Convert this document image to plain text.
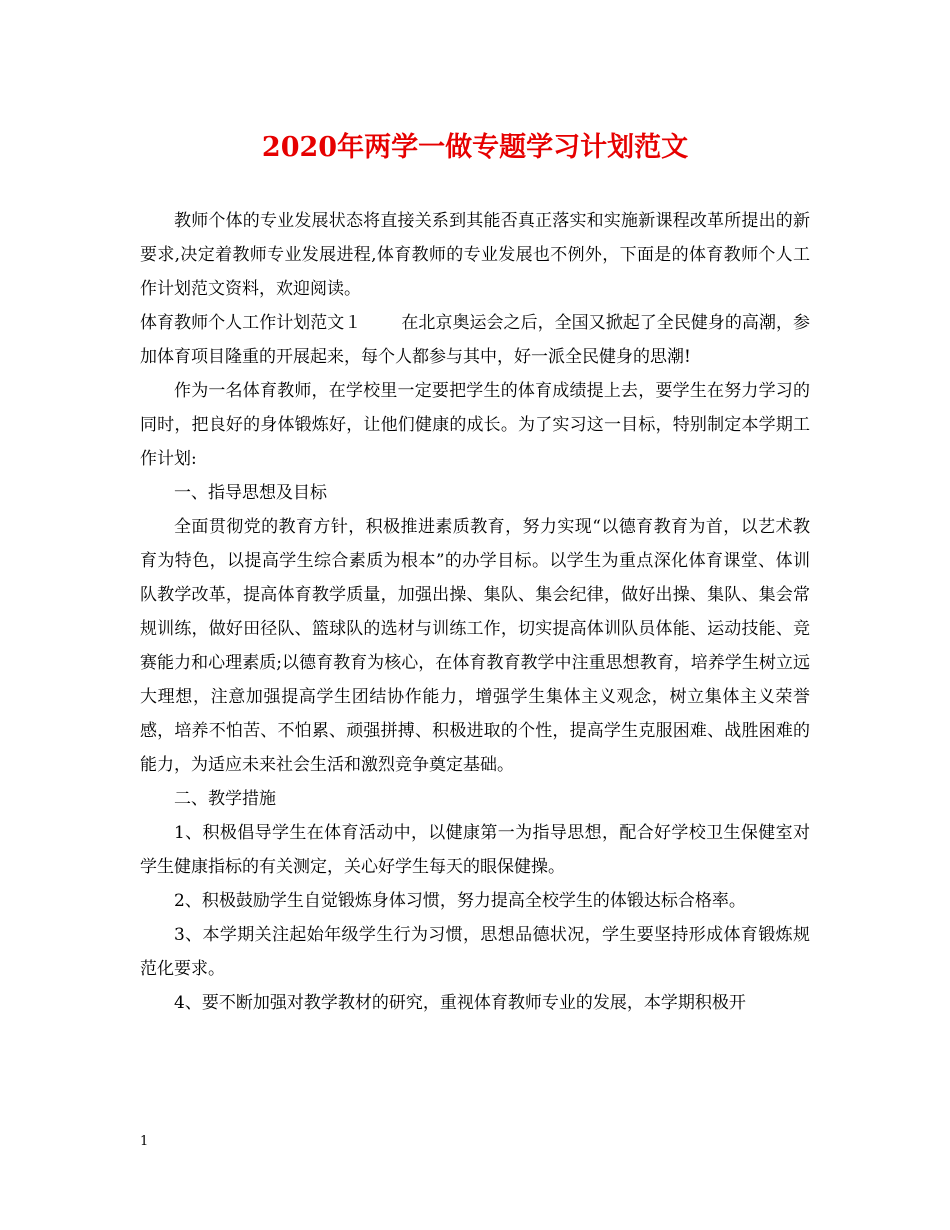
2020年两学一做专题学习计划范文

教师个体的专业发展状态将直接关系到其能否真正落实和实施新课程改革所提出的新要求,决定着教师专业发展进程,体育教师的专业发展也不例外，下面是的体育教师个人工作计划范文资料，欢迎阅读。

体育教师个人工作计划范文１ 在北京奥运会之后，全国又掀起了全民健身的高潮，参加体育项目隆重的开展起来，每个人都参与其中，好一派全民健身的思潮!

作为一名体育教师，在学校里一定要把学生的体育成绩提上去，要学生在努力学习的同时，把良好的身体锻炼好，让他们健康的成长。为了实习这一目标，特别制定本学期工作计划:

一、指导思想及目标

全面贯彻党的教育方针，积极推进素质教育，努力实现“以德育教育为首，以艺术教育为特色，以提高学生综合素质为根本”的办学目标。以学生为重点深化体育课堂、体训队教学改革，提高体育教学质量，加强出操、集队、集会纪律，做好出操、集队、集会常规训练，做好田径队、篮球队的选材与训练工作，切实提高体训队员体能、运动技能、竞赛能力和心理素质;以德育教育为核心，在体育教育教学中注重思想教育，培养学生树立远大理想，注意加强提高学生团结协作能力，增强学生集体主义观念，树立集体主义荣誉感，培养不怕苦、不怕累、顽强拼搏、积极进取的个性，提高学生克服困难、战胜困难的能力，为适应未来社会生活和激烈竞争奠定基础。

二、教学措施

1、积极倡导学生在体育活动中，以健康第一为指导思想，配合好学校卫生保健室对学生健康指标的有关测定，关心好学生每天的眼保健操。

2、积极鼓励学生自觉锻炼身体习惯，努力提高全校学生的体锻达标合格率。

3、本学期关注起始年级学生行为习惯，思想品德状况，学生要坚持形成体育锻炼规范化要求。

4、要不断加强对教学教材的研究，重视体育教师专业的发展，本学期积极开

1
